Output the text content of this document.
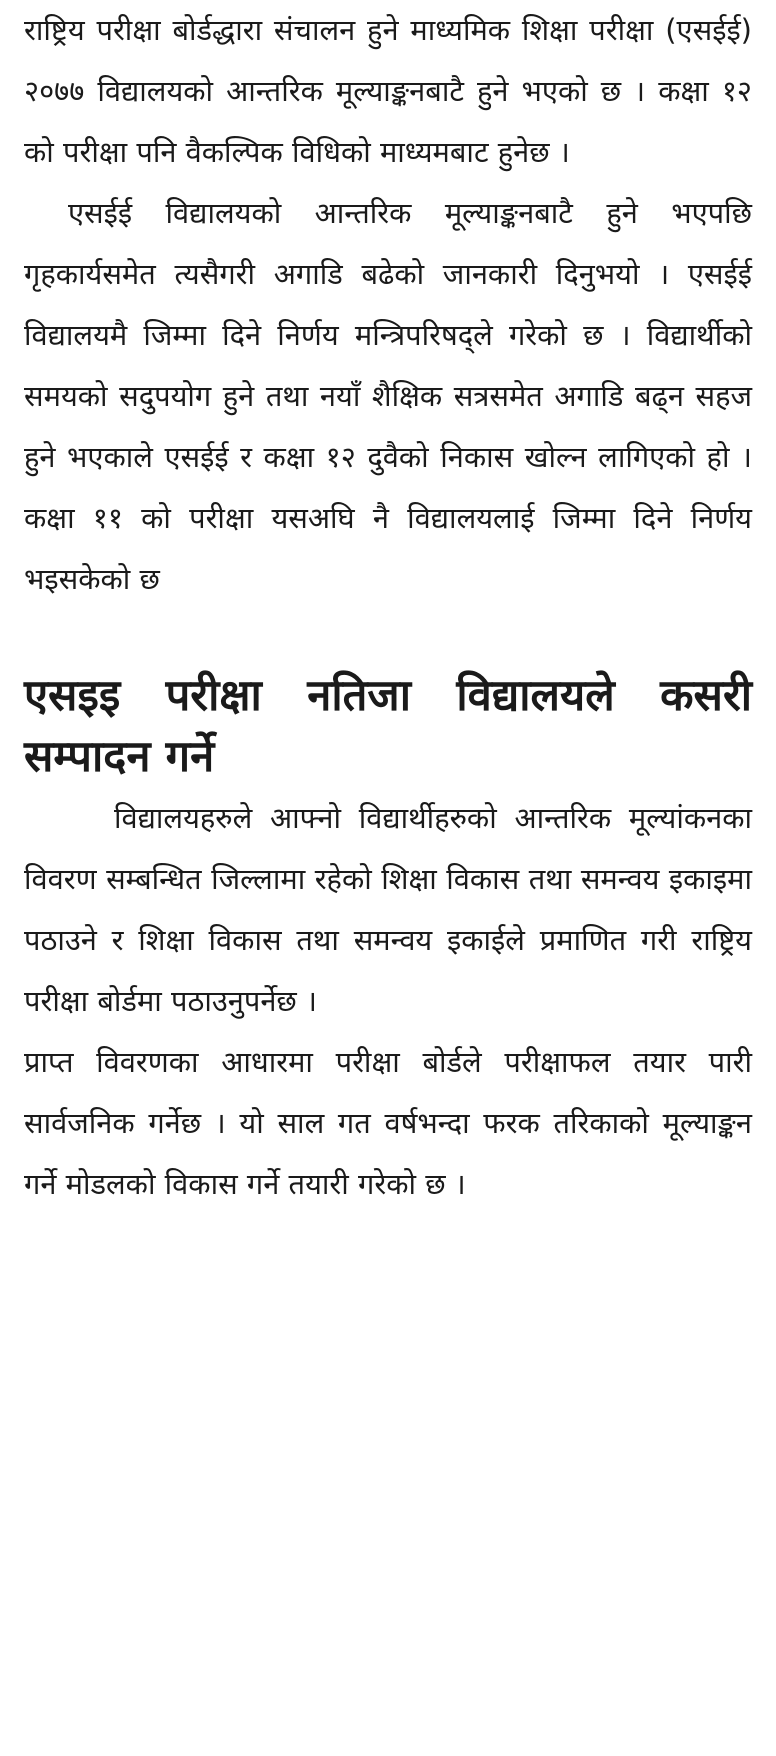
राष्ट्रिय परीक्षा बोर्डद्धारा संचालन हुने माध्यमिक शिक्षा परीक्षा (एसईई) २०७७ विद्यालयको आन्तरिक मूल्याङ्कनबाटै हुने भएको छ । कक्षा १२ को परीक्षा पनि वैकल्पिक विधिको माध्यमबाट हुनेछ ।

एसईई विद्यालयको आन्तरिक मूल्याङ्कनबाटै हुने भएपछि गृहकार्यसमेत त्यसैगरी अगाडि बढेको जानकारी दिनुभयो । एसईई विद्यालयमै जिम्मा दिने निर्णय मन्त्रिपरिषद्ले गरेको छ । विद्यार्थीको समयको सदुपयोग हुने तथा नयाँ शैक्षिक सत्रसमेत अगाडि बढ्न सहज हुने भएकाले एसईई र कक्षा १२ दुवैको निकास खोल्न लागिएको हो । कक्षा ११ को परीक्षा यसअघि नै विद्यालयलाई जिम्मा दिने निर्णय भइसकेको छ

एसइइ परीक्षा नतिजा विद्यालयले कसरी सम्पादन गर्ने

विद्यालयहरुले आफ्नो विद्यार्थीहरुको आन्तरिक मूल्यांकनका विवरण सम्बन्धित जिल्लामा रहेको शिक्षा विकास तथा समन्वय इकाइमा पठाउने र शिक्षा विकास तथा समन्वय इकाईले प्रमाणित गरी राष्ट्रिय परीक्षा बोर्डमा पठाउनुपर्नेछ ।

प्राप्त विवरणका आधारमा परीक्षा बोर्डले परीक्षाफल तयार पारी सार्वजनिक गर्नेछ । यो साल गत वर्षभन्दा फरक तरिकाको मूल्याङ्कन गर्ने मोडलको विकास गर्ने तयारी गरेको छ ।
